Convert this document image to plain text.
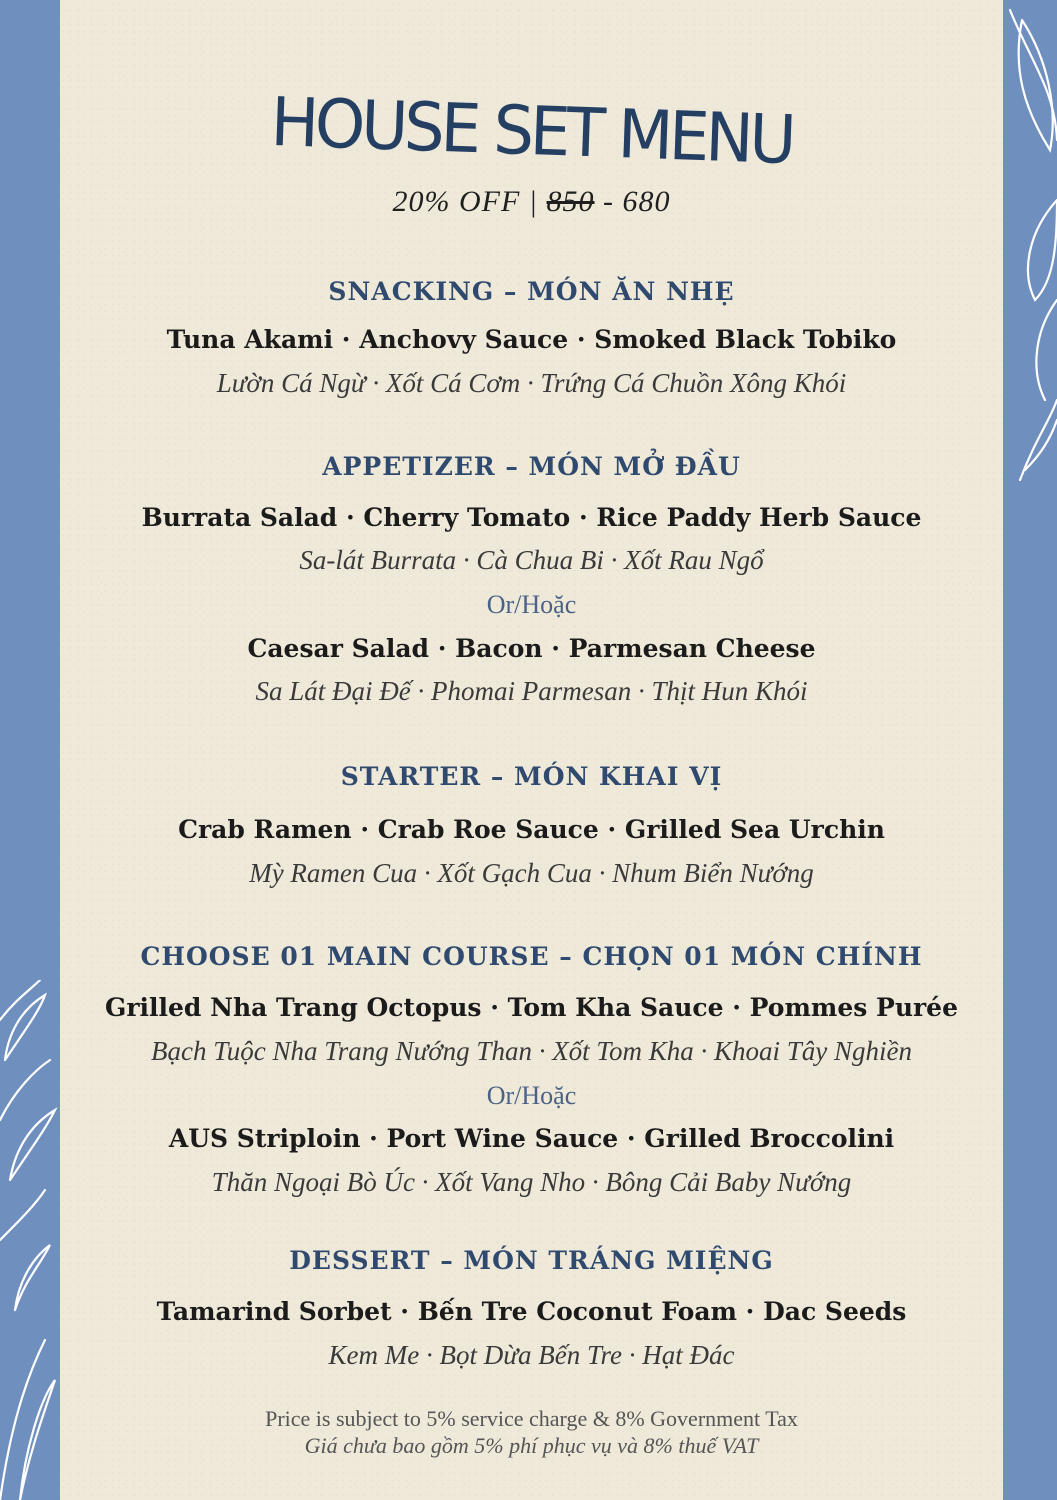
HOUSE SET MENU
20% OFF | 850 - 680
SNACKING – MÓN ĂN NHẸ
Tuna Akami · Anchovy Sauce · Smoked Black Tobiko
Lườn Cá Ngừ · Xốt Cá Cơm · Trứng Cá Chuồn Xông Khói
APPETIZER – MÓN MỞ ĐẦU
Burrata Salad · Cherry Tomato · Rice Paddy Herb Sauce
Sa-lát Burrata · Cà Chua Bi · Xốt Rau Ngổ
Or/Hoặc
Caesar Salad · Bacon · Parmesan Cheese
Sa Lát Đại Đế · Phomai Parmesan · Thịt Hun Khói
STARTER – MÓN KHAI VỊ
Crab Ramen · Crab Roe Sauce · Grilled Sea Urchin
Mỳ Ramen Cua · Xốt Gạch Cua · Nhum Biển Nướng
CHOOSE 01 MAIN COURSE – CHỌN 01 MÓN CHÍNH
Grilled Nha Trang Octopus · Tom Kha Sauce · Pommes Purée
Bạch Tuộc Nha Trang Nướng Than · Xốt Tom Kha · Khoai Tây Nghiền
Or/Hoặc
AUS Striploin · Port Wine Sauce · Grilled Broccolini
Thăn Ngoại Bò Úc · Xốt Vang Nho · Bông Cải Baby Nướng
DESSERT – MÓN TRÁNG MIỆNG
Tamarind Sorbet · Bến Tre Coconut Foam · Dac Seeds
Kem Me · Bọt Dừa Bến Tre · Hạt Đác
Price is subject to 5% service charge & 8% Government Tax
Giá chưa bao gồm 5% phí phục vụ và 8% thuế VAT
